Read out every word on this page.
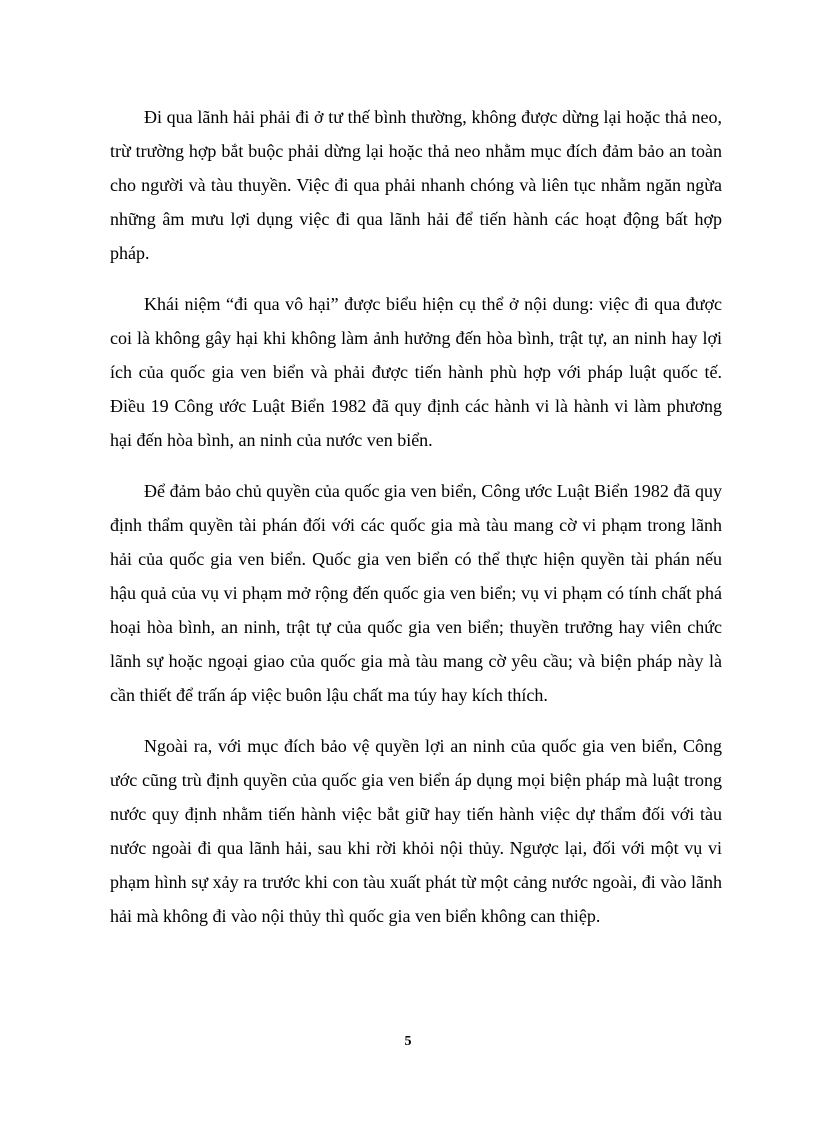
Đi qua lãnh hải phải đi ở tư thế bình thường, không được dừng lại hoặc thả neo, trừ trường hợp bắt buộc phải dừng lại hoặc thả neo nhằm mục đích đảm bảo an toàn cho người và tàu thuyền. Việc đi qua phải nhanh chóng và liên tục nhằm ngăn ngừa những âm mưu lợi dụng việc đi qua lãnh hải để tiến hành các hoạt động bất hợp pháp.

Khái niệm “đi qua vô hại” được biểu hiện cụ thể ở nội dung: việc đi qua được coi là không gây hại khi không làm ảnh hưởng đến hòa bình, trật tự, an ninh hay lợi ích của quốc gia ven biển và phải được tiến hành phù hợp với pháp luật quốc tế. Điều 19 Công ước Luật Biển 1982 đã quy định các hành vi là hành vi làm phương hại đến hòa bình, an ninh của nước ven biển.

Để đảm bảo chủ quyền của quốc gia ven biển, Công ước Luật Biển 1982 đã quy định thẩm quyền tài phán đối với các quốc gia mà tàu mang cờ vi phạm trong lãnh hải của quốc gia ven biển. Quốc gia ven biển có thể thực hiện quyền tài phán nếu hậu quả của vụ vi phạm mở rộng đến quốc gia ven biển; vụ vi phạm có tính chất phá hoại hòa bình, an ninh, trật tự của quốc gia ven biển; thuyền trưởng hay viên chức lãnh sự hoặc ngoại giao của quốc gia mà tàu mang cờ yêu cầu; và biện pháp này là cần thiết để trấn áp việc buôn lậu chất ma túy hay kích thích.

Ngoài ra, với mục đích bảo vệ quyền lợi an ninh của quốc gia ven biển, Công ước cũng trù định quyền của quốc gia ven biển áp dụng mọi biện pháp mà luật trong nước quy định nhằm tiến hành việc bắt giữ hay tiến hành việc dự thẩm đối với tàu nước ngoài đi qua lãnh hải, sau khi rời khỏi nội thủy. Ngược lại, đối với một vụ vi phạm hình sự xảy ra trước khi con tàu xuất phát từ một cảng nước ngoài, đi vào lãnh hải mà không đi vào nội thủy thì quốc gia ven biển không can thiệp.

5
